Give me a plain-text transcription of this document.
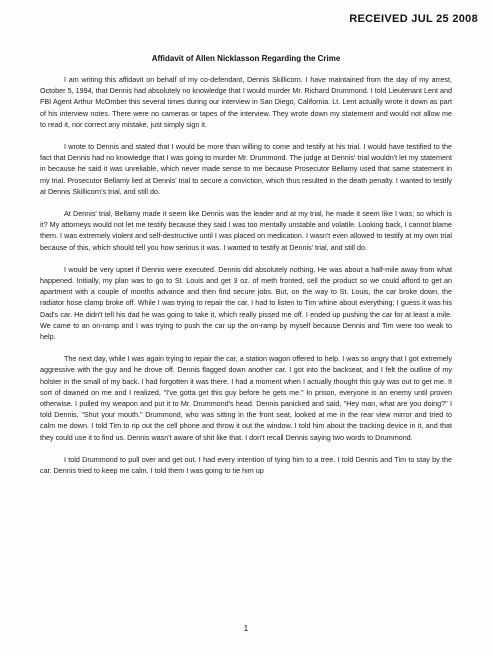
RECEIVED JUL 25 2008
Affidavit of Allen Nicklasson Regarding the Crime

I am writing this affidavit on behalf of my co-defendant, Dennis Skillicorn. I have maintained from the day of my arrest, October 5, 1994, that Dennis had absolutely no knowledge that I would murder Mr. Richard Drummond. I told Lieutenant Lent and FBI Agent Arthur McOmber this several times during our interview in San Diego, California. Lt. Lent actually wrote it down as part of his interview notes. There were no cameras or tapes of the interview. They wrote down my statement and would not allow me to read it, nor correct any mistake, just simply sign it.

I wrote to Dennis and stated that I would be more than willing to come and testify at his trial. I would have testified to the fact that Dennis had no knowledge that I was going to murder Mr. Drummond. The judge at Dennis' trial wouldn't let my statement in because he said it was unreliable, which never made sense to me because Prosecutor Bellamy used that same statement in my trial. Prosecutor Bellamy lied at Dennis' trial to secure a conviction, which thus resulted in the death penalty. I wanted to testify at Dennis Skillicorn's trial, and still do.

At Dennis' trial, Bellamy made it seem like Dennis was the leader and at my trial, he made it seem like I was; so which is it? My attorneys would not let me testify because they said I was too mentally unstable and volatile. Looking back, I cannot blame them. I was extremely violent and self-destructive until I was placed on medication. I wasn't even allowed to testify at my own trial because of this, which should tell you how serious it was. I wanted to testify at Dennis' trial, and still do.

I would be very upset if Dennis were executed. Dennis did absolutely nothing. He was about a half-mile away from what happened. Initially, my plan was to go to St. Louis and get 3 oz. of meth fronted, sell the product so we could afford to get an apartment with a couple of months advance and then find secure jobs. But, on the way to St. Louis, the car broke down, the radiator hose clamp broke off. While I was trying to repair the car, I had to listen to Tim whine about everything; I guess it was his Dad's car. He didn't tell his dad he was going to take it, which really pissed me off. I ended up pushing the car for at least a mile. We came to an on-ramp and I was trying to push the car up the on-ramp by myself because Dennis and Tim were too weak to help.

The next day, while I was again trying to repair the car, a station wagon offered to help. I was so angry that I got extremely aggressive with the guy and he drove off. Dennis flagged down another car. I got into the backseat, and I felt the outline of my holster in the small of my back. I had forgotten it was there. I had a moment when I actually thought this guy was out to get me. It sort of dawned on me and I realized, "I've gotta get this guy before he gets me." In prison, everyone is an enemy until proven otherwise. I pulled my weapon and put it to Mr. Drummond's head. Dennis panicked and said, "Hey man, what are you doing?" I told Dennis, "Shut your mouth." Drummond, who was sitting in the front seat, looked at me in the rear view mirror and tried to calm me down. I told Tim to rip out the cell phone and throw it out the window. I told him about the tracking device in it, and that they could use it to find us. Dennis wasn't aware of shit like that. I don't recall Dennis saying two words to Drummond.

I told Drummond to pull over and get out. I had every intention of tying him to a tree. I told Dennis and Tim to stay by the car. Dennis tried to keep me calm. I told them I was going to tie him up

1
